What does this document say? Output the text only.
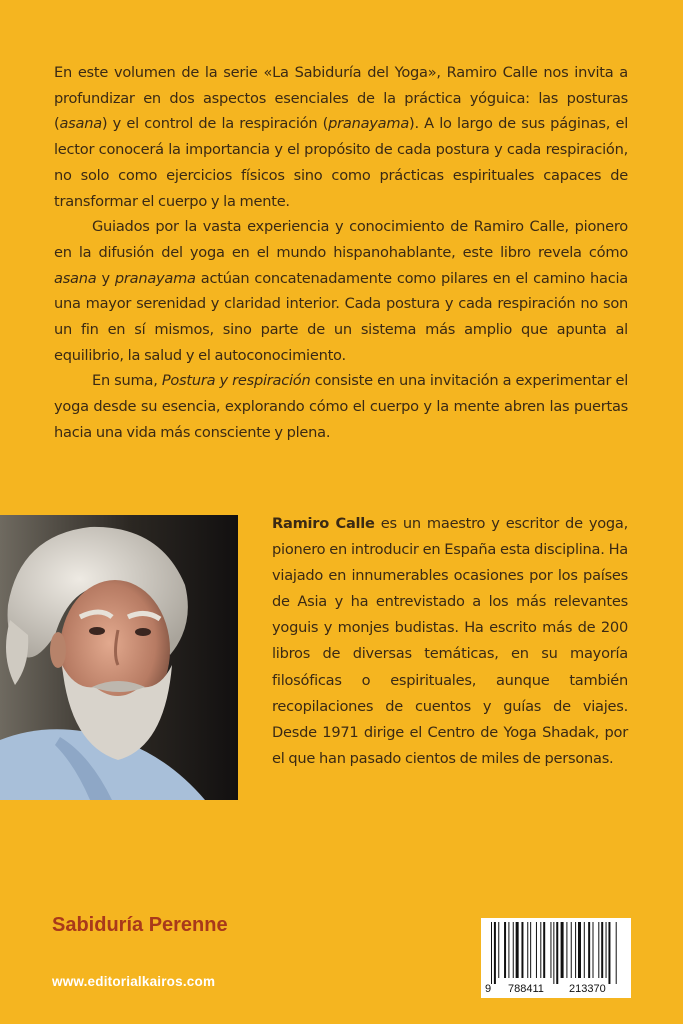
En este volumen de la serie «La Sabiduría del Yoga», Ramiro Calle nos invita a profundizar en dos aspectos esenciales de la práctica yóguica: las posturas (asana) y el control de la respiración (pranayama). A lo largo de sus páginas, el lector conocerá la importancia y el propósito de cada postura y cada respiración, no solo como ejercicios físicos sino como prácticas espirituales capaces de transformar el cuerpo y la mente.

Guiados por la vasta experiencia y conocimiento de Ramiro Calle, pionero en la difusión del yoga en el mundo hispanohablante, este libro revela cómo asana y pranayama actúan concatenadamente como pilares en el camino hacia una mayor serenidad y claridad interior. Cada postura y cada respiración no son un fin en sí mismos, sino parte de un sistema más amplio que apunta al equilibrio, la salud y el autoconocimiento.

En suma, Postura y respiración consiste en una invitación a experimentar el yoga desde su esencia, explorando cómo el cuerpo y la mente abren las puertas hacia una vida más consciente y plena.

Ramiro Calle es un maestro y escritor de yoga, pionero en introducir en España esta disciplina. Ha viajado en innumerables ocasiones por los países de Asia y ha entrevistado a los más relevantes yoguis y monjes budistas. Ha escrito más de 200 libros de diversas temáticas, en su mayoría filosóficas o espirituales, aunque también recopilaciones de cuentos y guías de viajes. Desde 1971 dirige el Centro de Yoga Shadak, por el que han pasado cientos de miles de personas.
Sabiduría Perenne
www.editorialkairos.com	9 788411 213370
